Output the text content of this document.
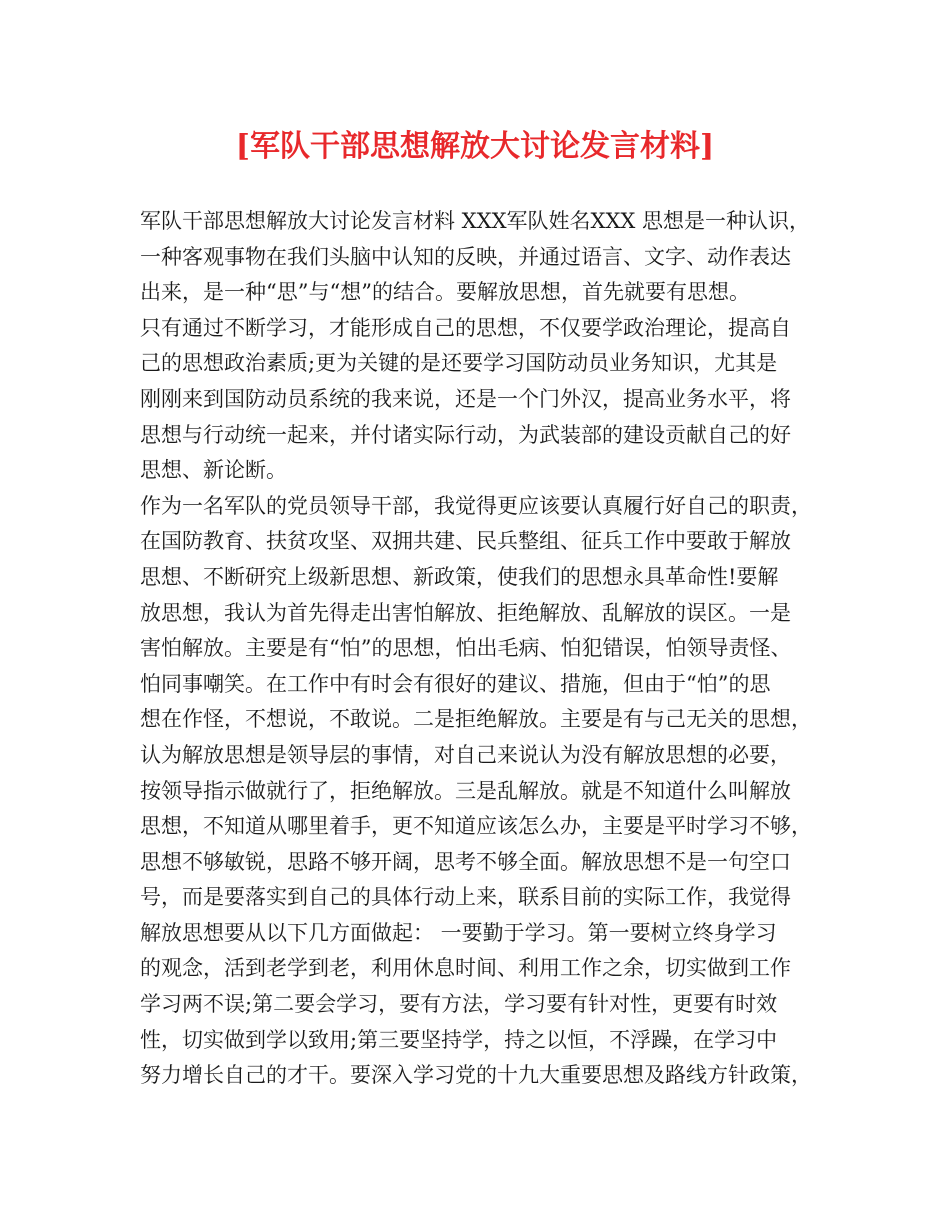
[军队干部思想解放大讨论发言材料]
军队干部思想解放大讨论发言材料 XXX军队姓名XXX 思想是一种认识，
一种客观事物在我们头脑中认知的反映，并通过语言、文字、动作表达
出来，是一种“思”与“想”的结合。要解放思想，首先就要有思想。
只有通过不断学习，才能形成自己的思想，不仅要学政治理论，提高自
己的思想政治素质;更为关键的是还要学习国防动员业务知识，尤其是
刚刚来到国防动员系统的我来说，还是一个门外汉，提高业务水平，将
思想与行动统一起来，并付诸实际行动，为武装部的建设贡献自己的好
思想、新论断。
作为一名军队的党员领导干部，我觉得更应该要认真履行好自己的职责，
在国防教育、扶贫攻坚、双拥共建、民兵整组、征兵工作中要敢于解放
思想、不断研究上级新思想、新政策，使我们的思想永具革命性!要解
放思想，我认为首先得走出害怕解放、拒绝解放、乱解放的误区。一是
害怕解放。主要是有“怕”的思想，怕出毛病、怕犯错误，怕领导责怪、
怕同事嘲笑。在工作中有时会有很好的建议、措施，但由于“怕”的思
想在作怪，不想说，不敢说。二是拒绝解放。主要是有与己无关的思想，
认为解放思想是领导层的事情，对自己来说认为没有解放思想的必要，
按领导指示做就行了，拒绝解放。三是乱解放。就是不知道什么叫解放
思想，不知道从哪里着手，更不知道应该怎么办，主要是平时学习不够，
思想不够敏锐，思路不够开阔，思考不够全面。解放思想不是一句空口
号，而是要落实到自己的具体行动上来，联系目前的实际工作，我觉得
解放思想要从以下几方面做起： 一要勤于学习。第一要树立终身学习
的观念，活到老学到老，利用休息时间、利用工作之余，切实做到工作
学习两不误;第二要会学习，要有方法，学习要有针对性，更要有时效
性，切实做到学以致用;第三要坚持学，持之以恒，不浮躁，在学习中
努力增长自己的才干。要深入学习党的十九大重要思想及路线方针政策，
